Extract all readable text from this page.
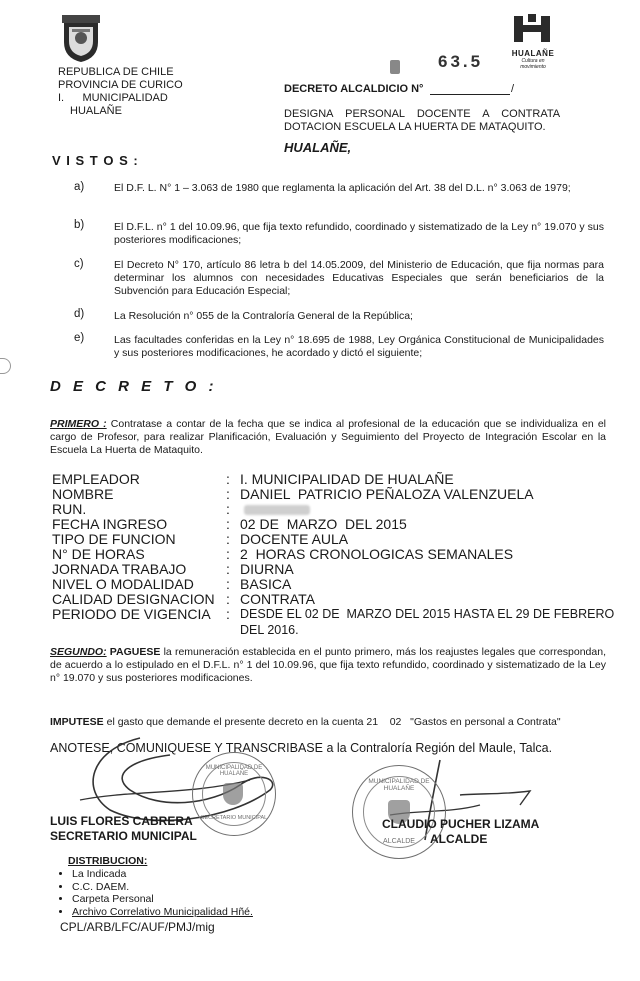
HUALAÑE
Cultura en movimiento
REPUBLICA DE CHILE
PROVINCIA DE CURICO
I.      MUNICIPALIDAD
HUALAÑE
63.5
DECRETO ALCALDICIO N°	/
DESIGNA    PERSONAL    DOCENTE    A    CONTRATA
DOTACION ESCUELA LA HUERTA DE MATAQUITO.
HUALAÑE,
V I S T O S :
a)	El D.F. L. N° 1 – 3.063 de 1980 que reglamenta la aplicación del Art. 38 del D.L. n° 3.063 de 1979;
b)	El D.F.L. n° 1 del 10.09.96, que fija texto refundido, coordinado y sistematizado de la Ley n° 19.070 y sus posteriores modificaciones;
c)	El Decreto N° 170, artículo 86 letra b del 14.05.2009, del Ministerio de Educación, que fija normas para determinar los alumnos con necesidades Educativas Especiales que serán beneficiarios de la Subvención para Educación Especial;
d)	La Resolución n° 055 de la Contraloría General de la República;
e)	Las facultades conferidas en la Ley n° 18.695 de 1988, Ley Orgánica Constitucional de Municipalidades y sus posteriores modificaciones, he acordado y dictó el siguiente;
D E C R E T O :
PRIMERO : Contratase a contar de la fecha que se indica al profesional de la educación que se individualiza en el cargo de Profesor, para realizar Planificación, Evaluación y Seguimiento del Proyecto de Integración Escolar en la Escuela La Huerta de Mataquito.
EMPLEADOR	: I. MUNICIPALIDAD DE HUALAÑE
NOMBRE	: DANIEL  PATRICIO PEÑALOZA VALENZUELA
RUN.	:
FECHA INGRESO	: 02 DE  MARZO  DEL 2015
TIPO DE FUNCION	: DOCENTE AULA
N° DE HORAS	: 2  HORAS CRONOLOGICAS SEMANALES
JORNADA TRABAJO	: DIURNA
NIVEL O MODALIDAD : BASICA
CALIDAD DESIGNACION : CONTRATA
PERIODO DE VIGENCIA : DESDE EL 02 DE  MARZO DEL 2015 HASTA EL 29 DE FEBRERO
DEL 2016.
SEGUNDO: PAGUESE la remuneración establecida en el punto primero, más los reajustes legales que correspondan, de acuerdo a lo estipulado en el D.F.L. n° 1 del 10.09.96, que fija texto refundido, coordinado y sistematizado de la Ley n° 19.070 y sus posteriores modificaciones.

IMPUTESE el gasto que demande el presente decreto en la cuenta 21    02   "Gastos en personal a Contrata"
ANOTESE, COMUNIQUESE Y TRANSCRIBASE a la Contraloría Región del Maule, Talca.
MUNICIPALIDAD DE HUALAÑE
SECRETARIO MUNICIPAL
MUNICIPALIDAD DE HUALAÑE
ALCALDE
LUIS FLORES CABRERA
SECRETARIO MUNICIPAL
CLAUDIO PUCHER LIZAMA
ALCALDE
DISTRIBUCION:
• La Indicada
• C.C. DAEM.
• Carpeta Personal
• Archivo Correlativo Municipalidad Hñé.
CPL/ARB/LFC/AUF/PMJ/mig
